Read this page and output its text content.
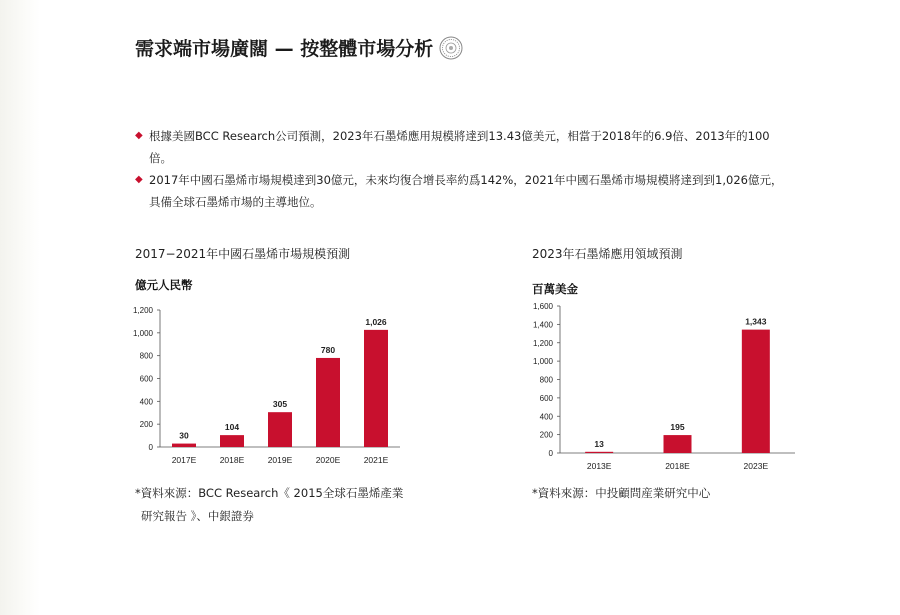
需求端市場廣闊 — 按整體市場分析
◆ 根據美國BCC Research公司預測，2023年石墨烯應用規模將達到13.43億美元，相當于2018年的6.9倍、2013年的100倍。
◆ 2017年中國石墨烯市場規模達到30億元，未來均復合增長率約爲142%，2021年中國石墨烯市場規模將達到到1,026億元，具備全球石墨烯市場的主導地位。
2017−2021年中國石墨烯市場規模預測
億元人民幣
0
200
400
600
800
1,000
1,200
30
2017E
104
2018E
305
2019E
780
2020E
1,026
2021E
*資料來源：BCC Research《 2015全球石墨烯產業
研究報告 》、中銀證券
2023年石墨烯應用領域預測
百萬美金
0
200
400
600
800
1,000
1,200
1,400
1,600
13
2013E
195
2018E
1,343
2023E
*資料來源：中投顧問産業研究中心
